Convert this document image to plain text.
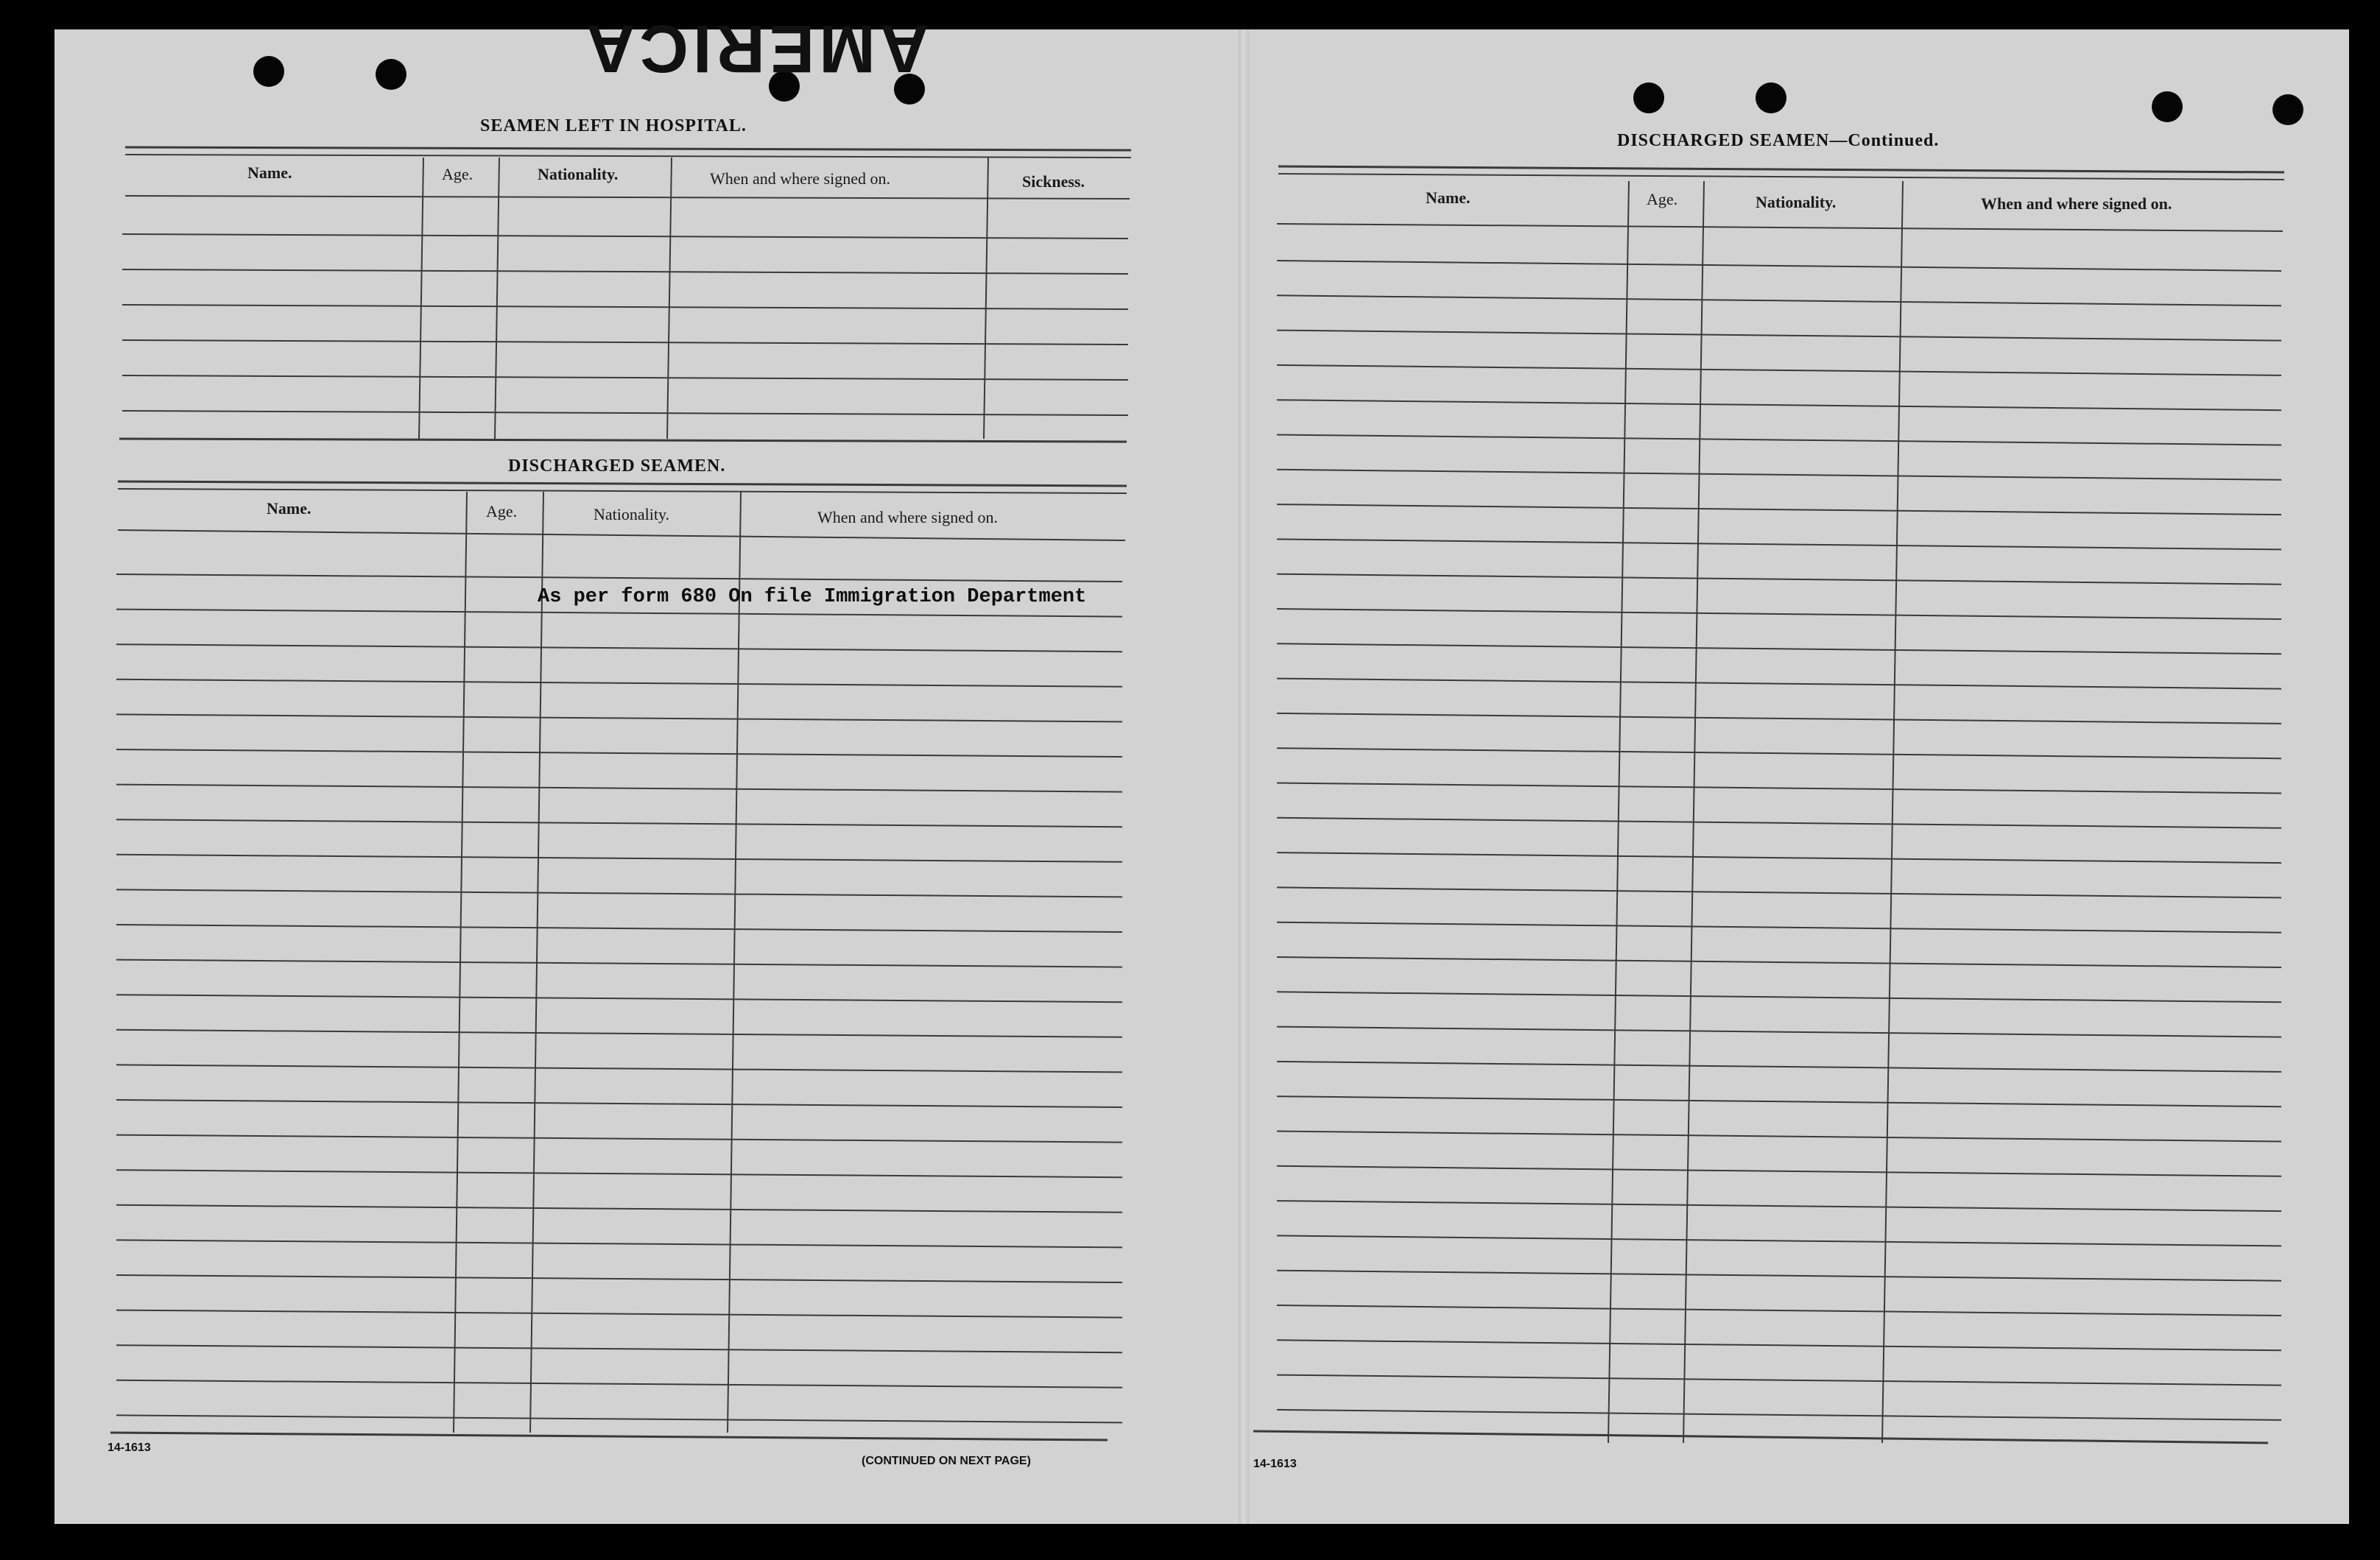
AMERICA
SEAMEN LEFT IN HOSPITAL.
Name.	Age.	Nationality.	When and where signed on.	Sickness.
DISCHARGED SEAMEN.
Name.	Age.	Nationality.	When and where signed on.
As per form 680 On file Immigration Department
14-1613
(CONTINUED ON NEXT PAGE)
DISCHARGED SEAMEN—Continued.
Name.	Age.	Nationality.	When and where signed on.
14-1613
